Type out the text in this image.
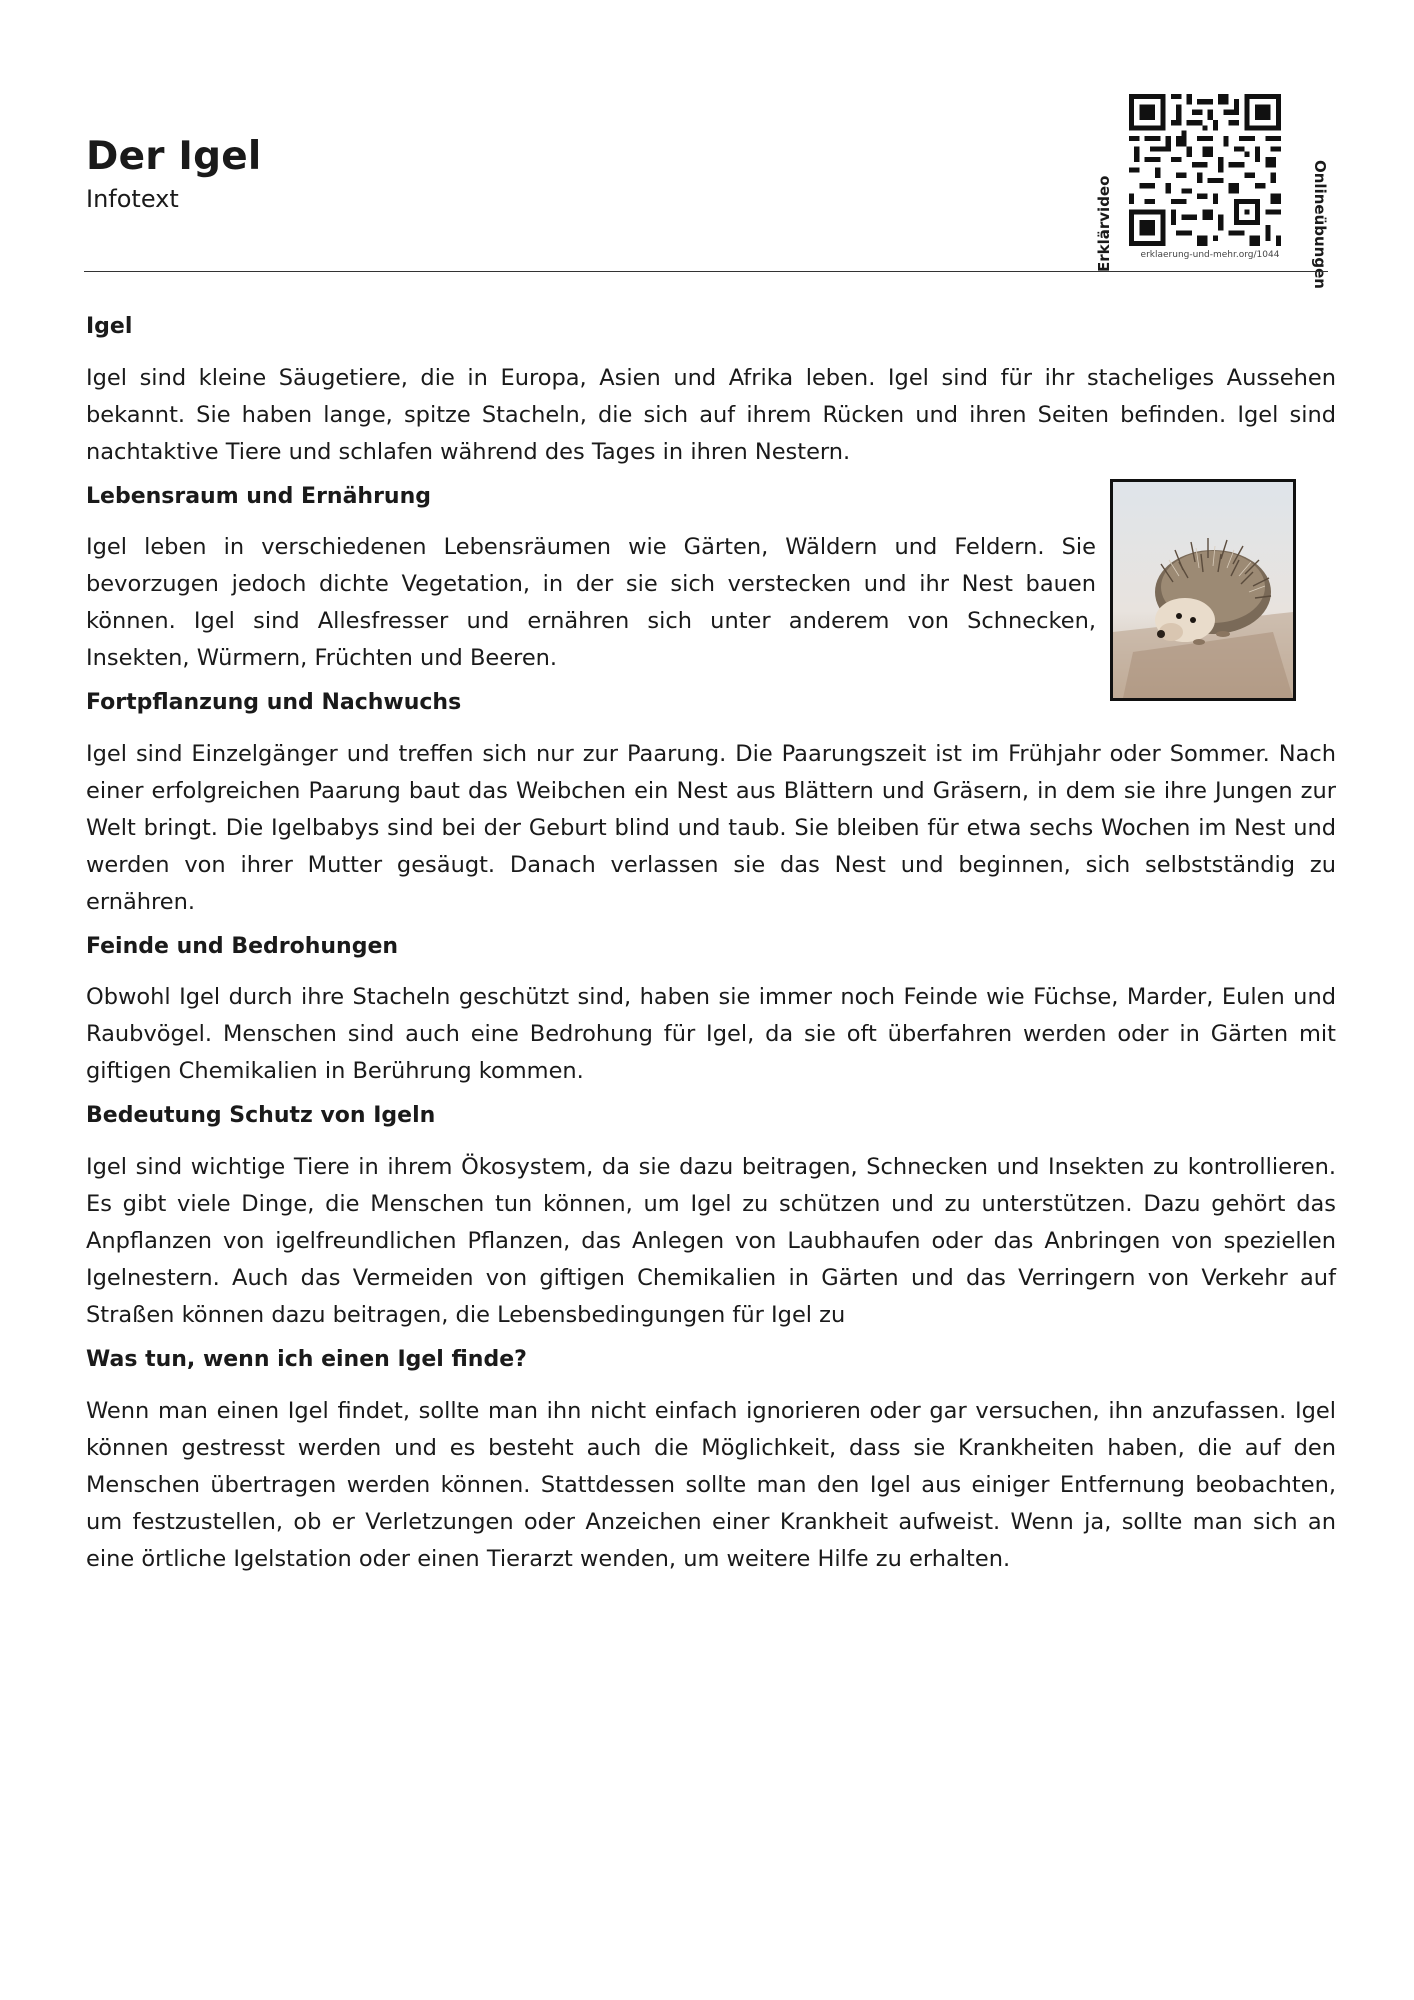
Der Igel
Infotext	Erklärvideo	Onlineübungen
erklaerung-und-mehr.org/1044
Igel

Igel sind kleine Säugetiere, die in Europa, Asien und Afrika leben. Igel sind für ihr stacheliges Aussehen bekannt. Sie haben lange, spitze Stacheln, die sich auf ihrem Rücken und ihren Seiten befinden. Igel sind nachtaktive Tiere und schlafen während des Tages in ihren Nestern.

Lebensraum und Ernährung

Igel leben in verschiedenen Lebensräumen wie Gärten, Wäldern und Feldern. Sie bevorzugen jedoch dichte Vegetation, in der sie sich verstecken und ihr Nest bauen können. Igel sind Allesfresser und ernähren sich unter anderem von Schnecken, Insekten, Würmern, Früchten und Beeren.

Fortpflanzung und Nachwuchs

Igel sind Einzelgänger und treffen sich nur zur Paarung. Die Paarungszeit ist im Frühjahr oder Sommer. Nach einer erfolgreichen Paarung baut das Weibchen ein Nest aus Blättern und Gräsern, in dem sie ihre Jungen zur Welt bringt. Die Igelbabys sind bei der Geburt blind und taub. Sie bleiben für etwa sechs Wochen im Nest und werden von ihrer Mutter gesäugt. Danach verlassen sie das Nest und beginnen, sich selbstständig zu ernähren.

Feinde und Bedrohungen

Obwohl Igel durch ihre Stacheln geschützt sind, haben sie immer noch Feinde wie Füchse, Marder, Eulen und Raubvögel. Menschen sind auch eine Bedrohung für Igel, da sie oft überfahren werden oder in Gärten mit giftigen Chemikalien in Berührung kommen.

Bedeutung Schutz von Igeln

Igel sind wichtige Tiere in ihrem Ökosystem, da sie dazu beitragen, Schnecken und Insekten zu kontrollieren. Es gibt viele Dinge, die Menschen tun können, um Igel zu schützen und zu unterstützen. Dazu gehört das Anpflanzen von igelfreundlichen Pflanzen, das Anlegen von Laubhaufen oder das Anbringen von speziellen Igelnestern. Auch das Vermeiden von giftigen Chemikalien in Gärten und das Verringern von Verkehr auf Straßen können dazu beitragen, die Lebensbedingungen für Igel zu

Was tun, wenn ich einen Igel finde?

Wenn man einen Igel findet, sollte man ihn nicht einfach ignorieren oder gar versuchen, ihn anzufassen. Igel können gestresst werden und es besteht auch die Möglichkeit, dass sie Krankheiten haben, die auf den Menschen übertragen werden können. Stattdessen sollte man den Igel aus einiger Entfernung beobachten, um festzustellen, ob er Verletzungen oder Anzeichen einer Krankheit aufweist. Wenn ja, sollte man sich an eine örtliche Igelstation oder einen Tierarzt wenden, um weitere Hilfe zu erhalten.
